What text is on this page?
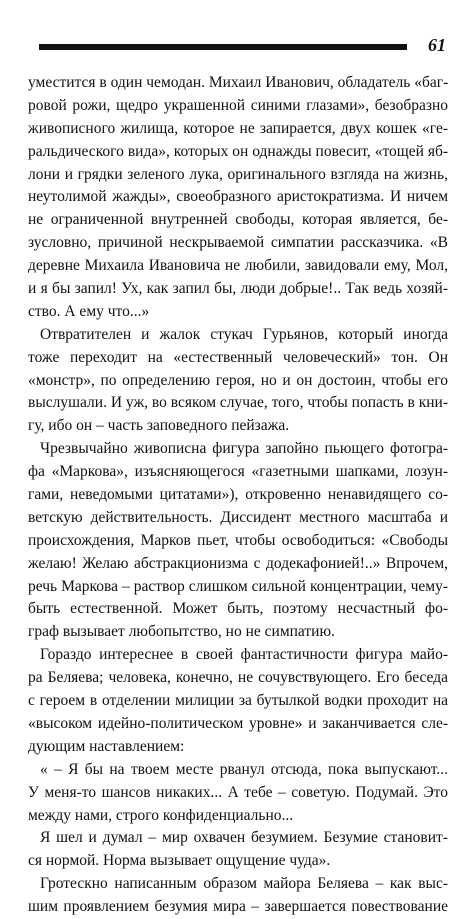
61
уместится в один чемодан. Михаил Иванович, обладатель «баг-
ровой рожи, щедро украшенной синими глазами», безобразно
живописного жилища, которое не запирается, двух кошек «ге-
ральдического вида», которых он однажды повесит, «тощей яб-
лони и грядки зеленого лука, оригинального взгляда на жизнь,
неутолимой жажды», своеобразного аристократизма. И ничем
не ограниченной внутренней свободы, которая является, бе-
зусловно, причиной нескрываемой симпатии рассказчика. «В
деревне Михаила Ивановича не любили, завидовали ему, Мол,
и я бы запил! Ух, как запил бы, люди добрые!.. Так ведь хозяй-
ство. А ему что...»
Отвратителен и жалок стукач Гурьянов, который иногда
тоже переходит на «естественный человеческий» тон. Он
«монстр», по определению героя, но и он достоин, чтобы его
выслушали. И уж, во всяком случае, того, чтобы попасть в кни-
гу, ибо он – часть заповедного пейзажа.
Чрезвычайно живописна фигура запойно пьющего фотогра-
фа «Маркова», изъясняющегося «газетными шапками, лозун-
гами, неведомыми цитатами»), откровенно ненавидящего со-
ветскую действительность. Диссидент местного масштаба и
происхождения, Марков пьет, чтобы освободиться: «Свободы
желаю! Желаю абстракционизма с додекафонией!..» Впрочем,
речь Маркова – раствор слишком сильной концентрации, чему-
быть естественной. Может быть, поэтому несчастный фо-
граф вызывает любопытство, но не симпатию.
Гораздо интереснее в своей фантастичности фигура майо-
ра Беляева; человека, конечно, не сочувствующего. Его беседа
с героем в отделении милиции за бутылкой водки проходит на
«высоком идейно-политическом уровне» и заканчивается сле-
дующим наставлением:
« – Я бы на твоем месте рванул отсюда, пока выпускают...
У меня-то шансов никаких... А тебе – советую. Подумай. Это
между нами, строго конфиденциально...
Я шел и думал – мир охвачен безумием. Безумие становит-
ся нормой. Норма вызывает ощущение чуда».
Гротескно написанным образом майора Беляева – как выс-
шим проявлением безумия мира – завершается повествование
